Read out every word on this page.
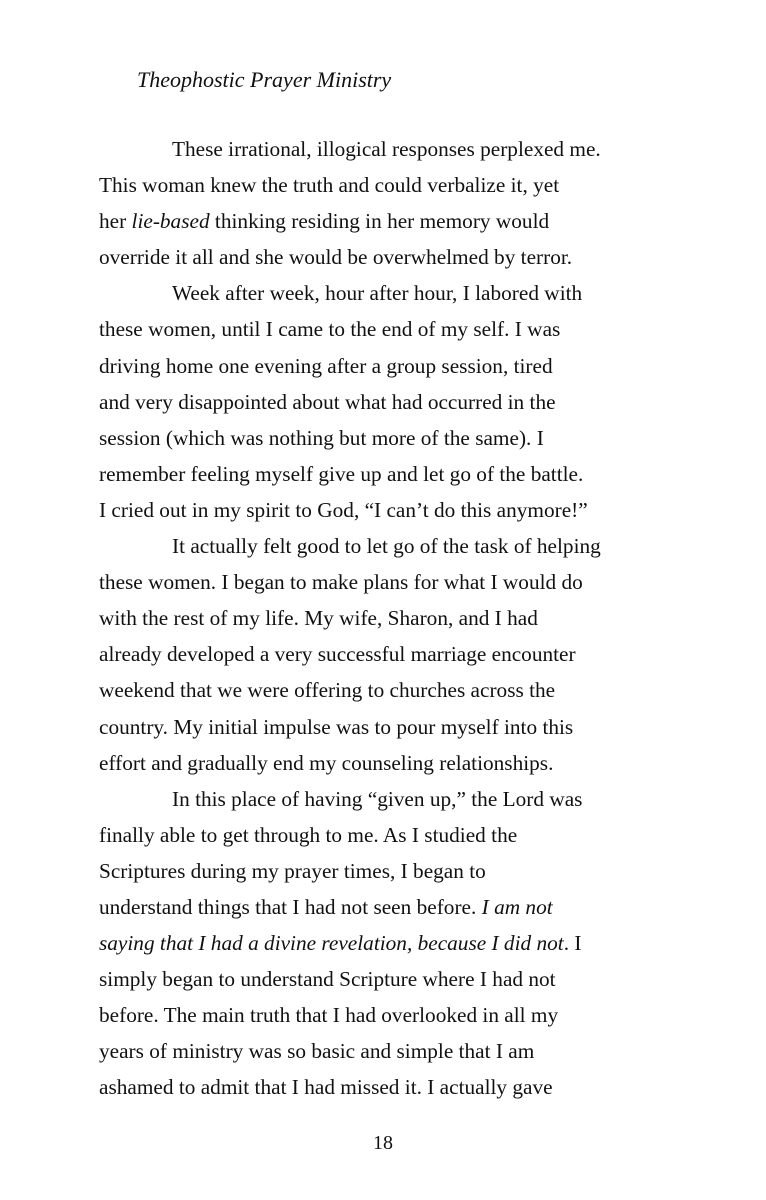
Theophostic Prayer Ministry

These irrational, illogical responses perplexed me.
This woman knew the truth and could verbalize it, yet
her lie-based thinking residing in her memory would
override it all and she would be overwhelmed by terror.

Week after week, hour after hour, I labored with
these women, until I came to the end of my self. I was
driving home one evening after a group session, tired
and very disappointed about what had occurred in the
session (which was nothing but more of the same). I
remember feeling myself give up and let go of the battle.
I cried out in my spirit to God, “I can’t do this anymore!”

It actually felt good to let go of the task of helping
these women. I began to make plans for what I would do
with the rest of my life. My wife, Sharon, and I had
already developed a very successful marriage encounter
weekend that we were offering to churches across the
country. My initial impulse was to pour myself into this
effort and gradually end my counseling relationships.

In this place of having “given up,” the Lord was
finally able to get through to me. As I studied the
Scriptures during my prayer times, I began to
understand things that I had not seen before. I am not
saying that I had a divine revelation, because I did not. I
simply began to understand Scripture where I had not
before. The main truth that I had overlooked in all my
years of ministry was so basic and simple that I am
ashamed to admit that I had missed it. I actually gave

18
